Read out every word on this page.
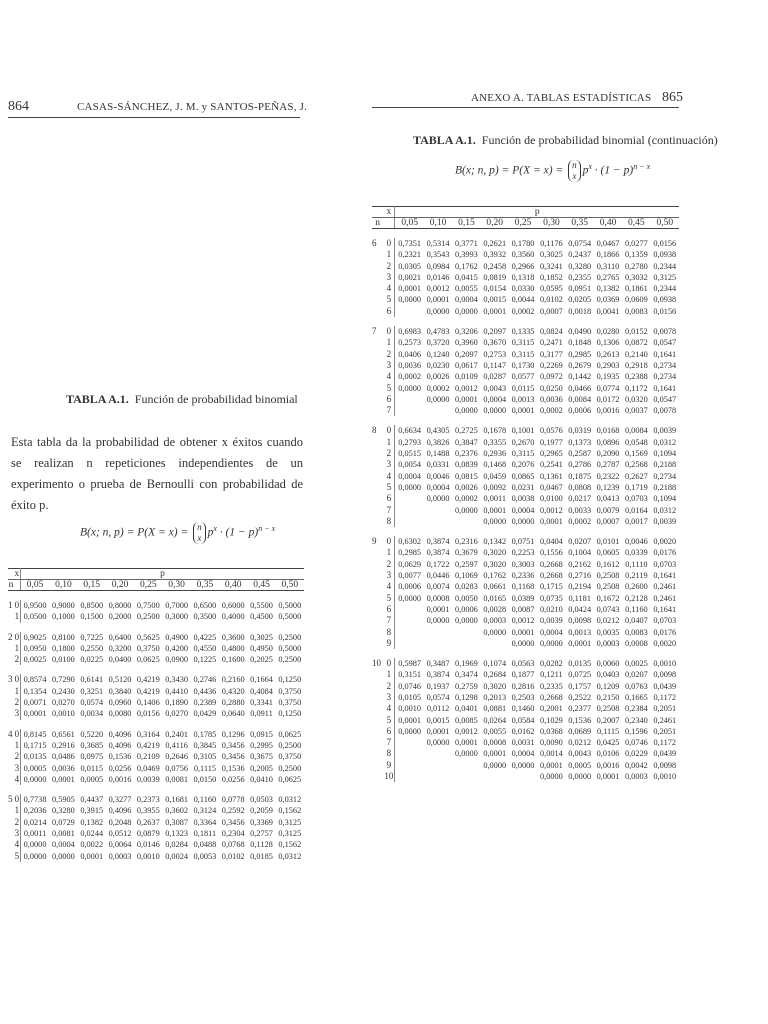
864	CASAS-SÁNCHEZ, J. M. y SANTOS-PEÑAS, J.
TABLA A.1. Función de probabilidad binomial
Esta tabla da la probabilidad de obtener x éxitos cuando se realizan n repeticiones independientes de un experimento o prueba de Bernoulli con probabilidad de éxito p.
B(x; n, p) = P(X = x) = n
x $p^x \cdot (1 - p)^{n - x}$
	x	p									
n		0,05	0,10	0,15	0,20	0,25	0,30	0,35	0,40	0,45	0,50

1	0	0,9500	0,9000	0,8500	0,8000	0,7500	0,7000	0,6500	0,6000	0,5500	0,5000
	1	0,0500	0,1000	0,1500	0,2000	0,2500	0,3000	0,3500	0,4000	0,4500	0,5000

2	0	0,9025	0,8100	0,7225	0,6400	0,5625	0,4900	0,4225	0,3600	0,3025	0,2500
	1	0,0950	0,1800	0,2550	0,3200	0,3750	0,4200	0,4550	0,4800	0,4950	0,5000
	2	0,0025	0,0100	0,0225	0,0400	0,0625	0,0900	0,1225	0,1600	0,2025	0,2500

3	0	0,8574	0,7290	0,6141	0,5120	0,4219	0,3430	0,2746	0,2160	0,1664	0,1250
	1	0,1354	0,2430	0,3251	0,3840	0,4219	0,4410	0,4436	0,4320	0,4084	0,3750
	2	0,0071	0,0270	0,0574	0,0960	0,1406	0,1890	0,2389	0,2880	0,3341	0,3750
	3	0,0001	0,0010	0,0034	0,0080	0,0156	0,0270	0,0429	0,0640	0,0911	0,1250

4	0	0,8145	0,6561	0,5220	0,4096	0,3164	0,2401	0,1785	0,1296	0,0915	0,0625
	1	0,1715	0,2916	0,3685	0,4096	0,4219	0,4116	0,3845	0,3456	0,2995	0,2500
	2	0,0135	0,0486	0,0975	0,1536	0,2109	0,2646	0,3105	0,3456	0,3675	0,3750
	3	0,0005	0,0036	0,0115	0,0256	0,0469	0,0756	0,1115	0,1536	0,2005	0,2500
	4	0,0000	0,0001	0,0005	0,0016	0,0039	0,0081	0,0150	0,0256	0,0410	0,0625

5	0	0,7738	0,5905	0,4437	0,3277	0,2373	0,1681	0,1160	0,0778	0,0503	0,0312
	1	0,2036	0,3280	0,3915	0,4096	0,3955	0,3602	0,3124	0,2592	0,2059	0,1562
	2	0,0214	0,0729	0,1382	0,2048	0,2637	0,3087	0,3364	0,3456	0,3369	0,3125
	3	0,0011	0,0081	0,0244	0,0512	0,0879	0,1323	0,1811	0,2304	0,2757	0,3125
	4	0,0000	0,0004	0,0022	0,0064	0,0146	0,0284	0,0488	0,0768	0,1128	0,1562
	5	0,0000	0,0000	0,0001	0,0003	0,0010	0,0024	0,0053	0,0102	0,0185	0,0312
ANEXO A. TABLAS ESTADÍSTICAS 865
TABLA A.1. Función de probabilidad binomial (continuación)
B(x; n, p) = P(X = x) = n
x $p^x \cdot (1 - p)^{n - x}$
	x	p									
n		0,05	0,10	0,15	0,20	0,25	0,30	0,35	0,40	0,45	0,50

6	0	0,7351	0,5314	0,3771	0,2621	0,1780	0,1176	0,0754	0,0467	0,0277	0,0156
	1	0,2321	0,3543	0,3993	0,3932	0,3560	0,3025	0,2437	0,1866	0,1359	0,0938
	2	0,0305	0,0984	0,1762	0,2458	0,2966	0,3241	0,3280	0,3110	0,2780	0,2344
	3	0,0021	0,0146	0,0415	0,0819	0,1318	0,1852	0,2355	0,2765	0,3032	0,3125
	4	0,0001	0,0012	0,0055	0,0154	0,0330	0,0595	0,0951	0,1382	0,1861	0,2344
	5	0,0000	0,0001	0,0004	0,0015	0,0044	0,0102	0,0205	0,0369	0,0609	0,0938
	6		0,0000	0,0000	0,0001	0,0002	0,0007	0,0018	0,0041	0,0083	0,0156

7	0	0,6983	0,4783	0,3206	0,2097	0,1335	0,0824	0,0490	0,0280	0,0152	0,0078
	1	0,2573	0,3720	0,3960	0,3670	0,3115	0,2471	0,1848	0,1306	0,0872	0,0547
	2	0,0406	0,1240	0,2097	0,2753	0,3115	0,3177	0,2985	0,2613	0,2140	0,1641
	3	0,0036	0,0230	0,0617	0,1147	0,1730	0,2269	0,2679	0,2903	0,2918	0,2734
	4	0,0002	0,0026	0,0109	0,0287	0,0577	0,0972	0,1442	0,1935	0,2388	0,2734
	5	0,0000	0,0002	0,0012	0,0043	0,0115	0,0250	0,0466	0,0774	0,1172	0,1641
	6		0,0000	0,0001	0,0004	0,0013	0,0036	0,0084	0,0172	0,0320	0,0547
	7			0,0000	0,0000	0,0001	0,0002	0,0006	0,0016	0,0037	0,0078

8	0	0,6634	0,4305	0,2725	0,1678	0,1001	0,0576	0,0319	0,0168	0,0084	0,0039
	1	0,2793	0,3826	0,3847	0,3355	0,2670	0,1977	0,1373	0,0896	0,0548	0,0312
	2	0,0515	0,1488	0,2376	0,2936	0,3115	0,2965	0,2587	0,2090	0,1569	0,1094
	3	0,0054	0,0331	0,0839	0,1468	0,2076	0,2541	0,2786	0,2787	0,2568	0,2188
	4	0,0004	0,0046	0,0815	0,0459	0,0865	0,1361	0,1875	0,2322	0,2627	0,2734
	5	0,0000	0,0004	0,0026	0,0092	0,0231	0,0467	0,0808	0,1239	0,1719	0,2188
	6		0,0000	0,0002	0,0011	0,0038	0,0100	0,0217	0,0413	0,0703	0,1094
	7			0,0000	0,0001	0,0004	0,0012	0,0033	0,0079	0,0164	0,0312
	8				0,0000	0,0000	0,0001	0,0002	0,0007	0,0017	0,0039

9	0	0,6302	0,3874	0,2316	0,1342	0,0751	0,0404	0,0207	0,0101	0,0046	0,0020
	1	0,2985	0,3874	0,3679	0,3020	0,2253	0,1556	0,1004	0,0605	0,0339	0,0176
	2	0,0629	0,1722	0,2597	0,3020	0,3003	0,2668	0,2162	0,1612	0,1110	0,0703
	3	0,0077	0,0446	0,1069	0,1762	0,2336	0,2668	0,2716	0,2508	0,2119	0,1641
	4	0,0006	0,0074	0,0283	0,0661	0,1168	0,1715	0,2194	0,2508	0,2600	0,2461
	5	0,0000	0,0008	0,0050	0,0165	0,0389	0,0735	0,1181	0,1672	0,2128	0,2461
	6		0,0001	0,0006	0,0028	0,0087	0,0210	0,0424	0,0743	0,1160	0,1641
	7		0,0000	0,0000	0,0003	0,0012	0,0039	0,0098	0,0212	0,0407	0,0703
	8				0,0000	0,0001	0,0004	0,0013	0,0035	0,0083	0,0176
	9					0,0000	0,0000	0,0001	0,0003	0,0008	0,0020

10	0	0,5987	0,3487	0,1969	0,1074	0,0563	0,0282	0,0135	0,0060	0,0025	0,0010
	1	0,3151	0,3874	0,3474	0,2684	0,1877	0,1211	0,0725	0,0403	0,0207	0,0098
	2	0,0746	0,1937	0,2759	0,3020	0,2816	0,2335	0,1757	0,1209	0,0763	0,0439
	3	0,0105	0,0574	0,1298	0,2013	0,2503	0,2668	0,2522	0,2150	0,1665	0,1172
	4	0,0010	0,0112	0,0401	0,0881	0,1460	0,2001	0,2377	0,2508	0,2384	0,2051
	5	0,0001	0,0015	0,0085	0,0264	0,0584	0,1029	0,1536	0,2007	0,2340	0,2461
	6	0,0000	0,0001	0,0012	0,0055	0,0162	0,0368	0,0689	0,1115	0,1596	0,2051
	7		0,0000	0,0001	0,0008	0,0031	0,0090	0,0212	0,0425	0,0746	0,1172
	8			0,0000	0,0001	0,0004	0,0014	0,0043	0,0106	0,0229	0,0439
	9				0,0000	0,0000	0,0001	0,0005	0,0016	0,0042	0,0098
	10						0,0000	0,0000	0,0001	0,0003	0,0010
